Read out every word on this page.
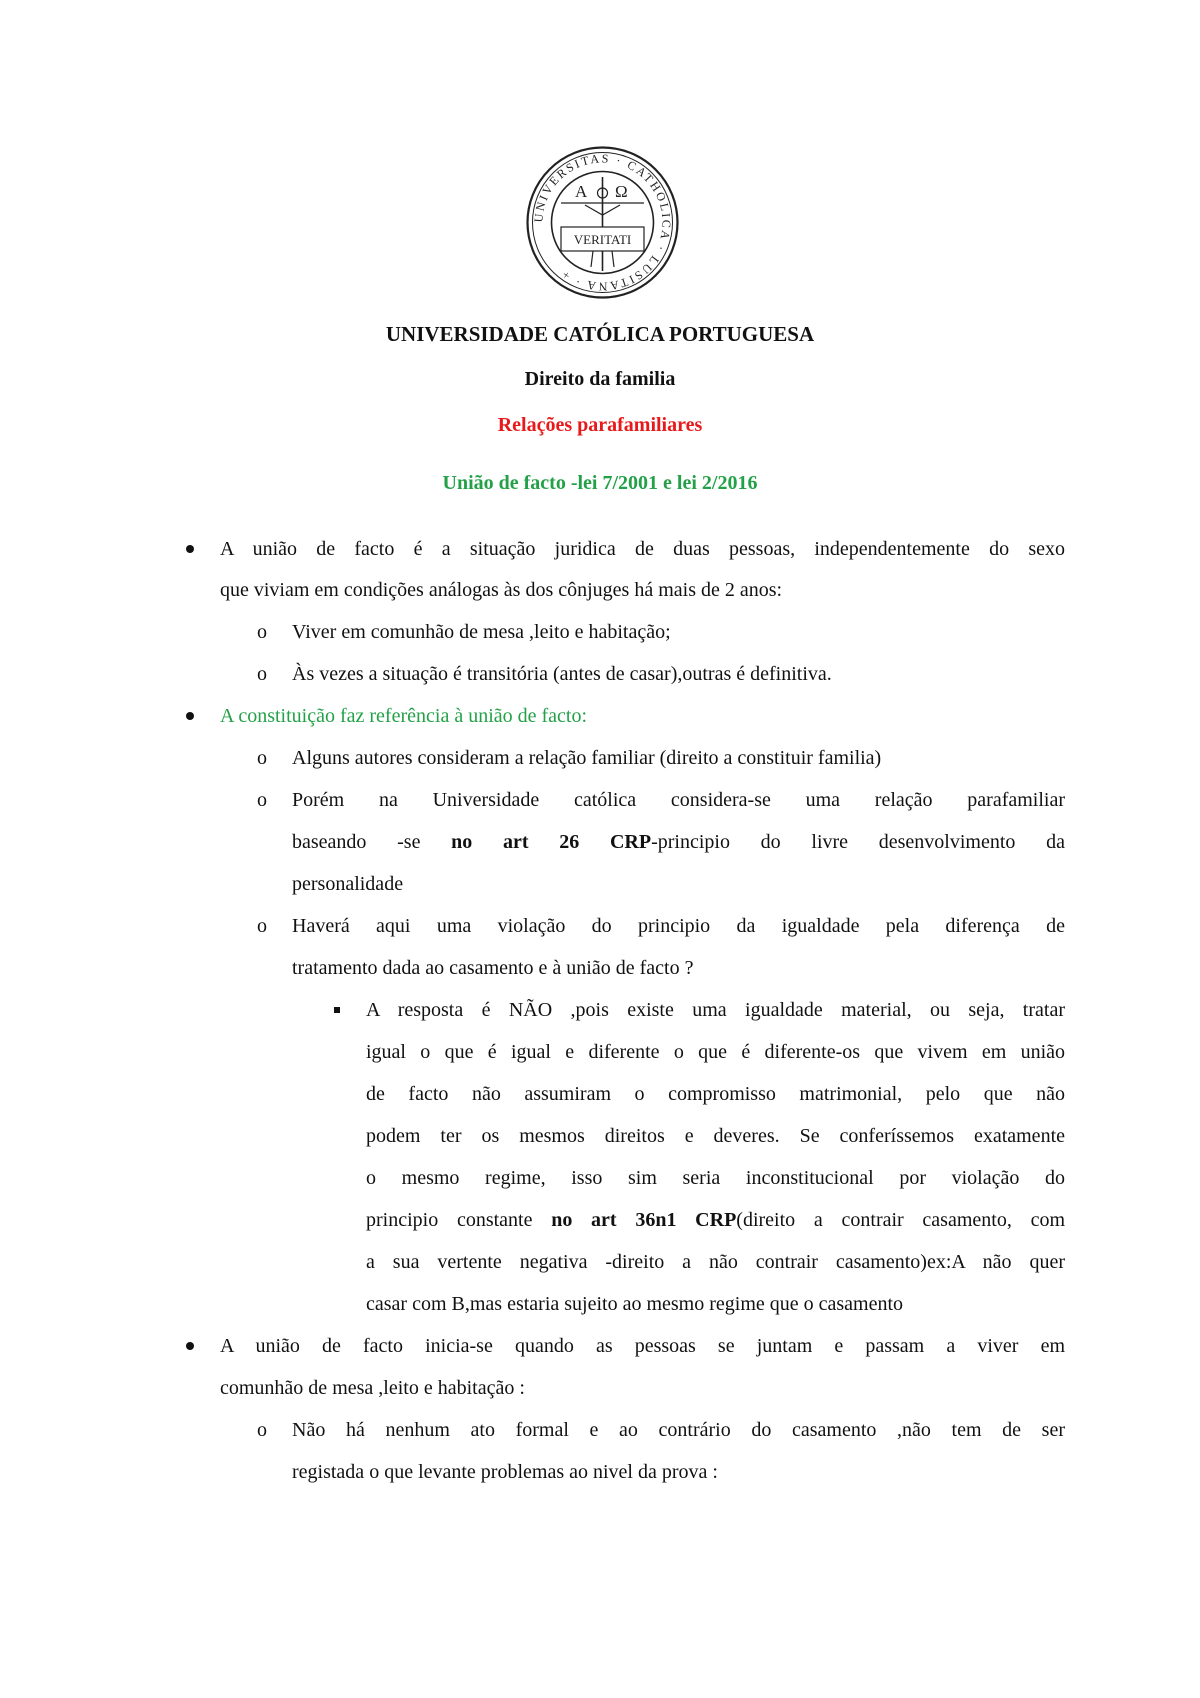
UNIVERSITAS · CATHOLICA · LUSITANA · +
A Ω
VERITATI
UNIVERSIDADE CATÓLICA PORTUGUESA
Direito da familia
Relações parafamiliares
União de facto -lei 7/2001 e lei 2/2016
A união de facto é a situação juridica de duas pessoas, independentemente do sexo
que viviam em condições análogas às dos cônjuges há mais de 2 anos:
o Viver em comunhão de mesa ,leito e habitação;
o Às vezes a situação é transitória (antes de casar),outras é definitiva.
A constituição faz referência à união de facto:
o Alguns autores consideram a relação familiar (direito a constituir familia)
o Porém na Universidade católica considera-se uma relação parafamiliar
baseando -se no art 26 CRP-principio do livre desenvolvimento da
personalidade
o Haverá aqui uma violação do principio da igualdade pela diferença de
tratamento dada ao casamento e à união de facto ?
A resposta é NÃO ,pois existe uma igualdade material, ou seja, tratar
igual o que é igual e diferente o que é diferente-os que vivem em união
de facto não assumiram o compromisso matrimonial, pelo que não
podem ter os mesmos direitos e deveres. Se conferíssemos exatamente
o mesmo regime, isso sim seria inconstitucional por violação do
principio constante no art 36n1 CRP(direito a contrair casamento, com
a sua vertente negativa -direito a não contrair casamento)ex:A não quer
casar com B,mas estaria sujeito ao mesmo regime que o casamento
A união de facto inicia-se quando as pessoas se juntam e passam a viver em
comunhão de mesa ,leito e habitação :
o Não há nenhum ato formal e ao contrário do casamento ,não tem de ser
registada o que levante problemas ao nivel da prova :
